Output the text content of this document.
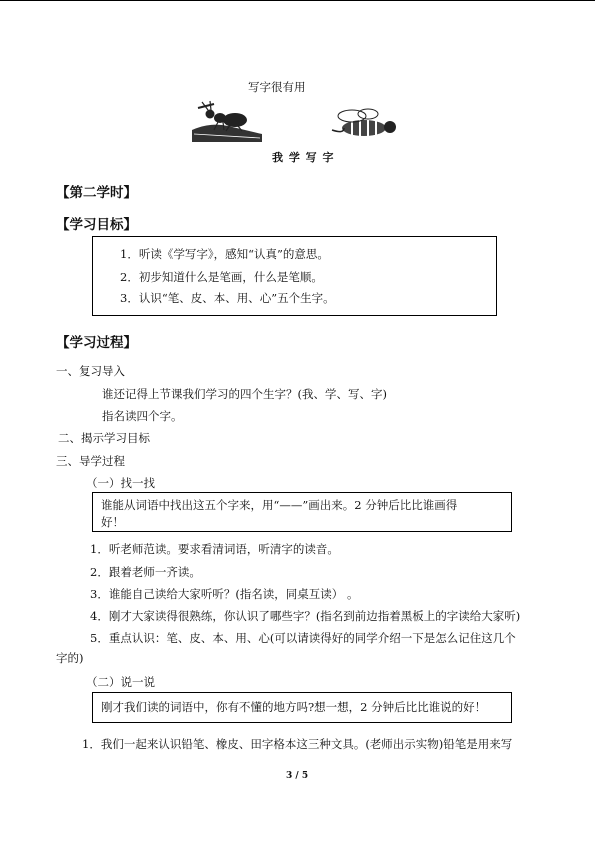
写字很有用
我 学 写 字
【第二学时】
【学习目标】
1．听读《学写字》，感知“认真”的意思。
2．初步知道什么是笔画，什么是笔顺。
3．认识“笔、皮、本、用、心”五个生字。
【学习过程】
一、复习导入
谁还记得上节课我们学习的四个生字？(我、学、写、字)
指名读四个字。
二、揭示学习目标
三、导学过程
（一）找一找
谁能从词语中找出这五个字来，用“——”画出来。2 分钟后比比谁画得
好！
1．听老师范读。要求看清词语，听清字的读音。
2．跟着老师一齐读。
3．谁能自己读给大家听听？(指名读，同桌互读） 。
4．刚才大家读得很熟练，你认识了哪些字？(指名到前边指着黑板上的字读给大家听)
5．重点认识：笔、皮、本、用、心(可以请读得好的同学介绍一下是怎么记住这几个
字的)
（二）说一说
刚才我们读的词语中，你有不懂的地方吗?想一想，2 分钟后比比谁说的好！
1．我们一起来认识铅笔、橡皮、田字格本这三种文具。(老师出示实物)铅笔是用来写
3 / 5
